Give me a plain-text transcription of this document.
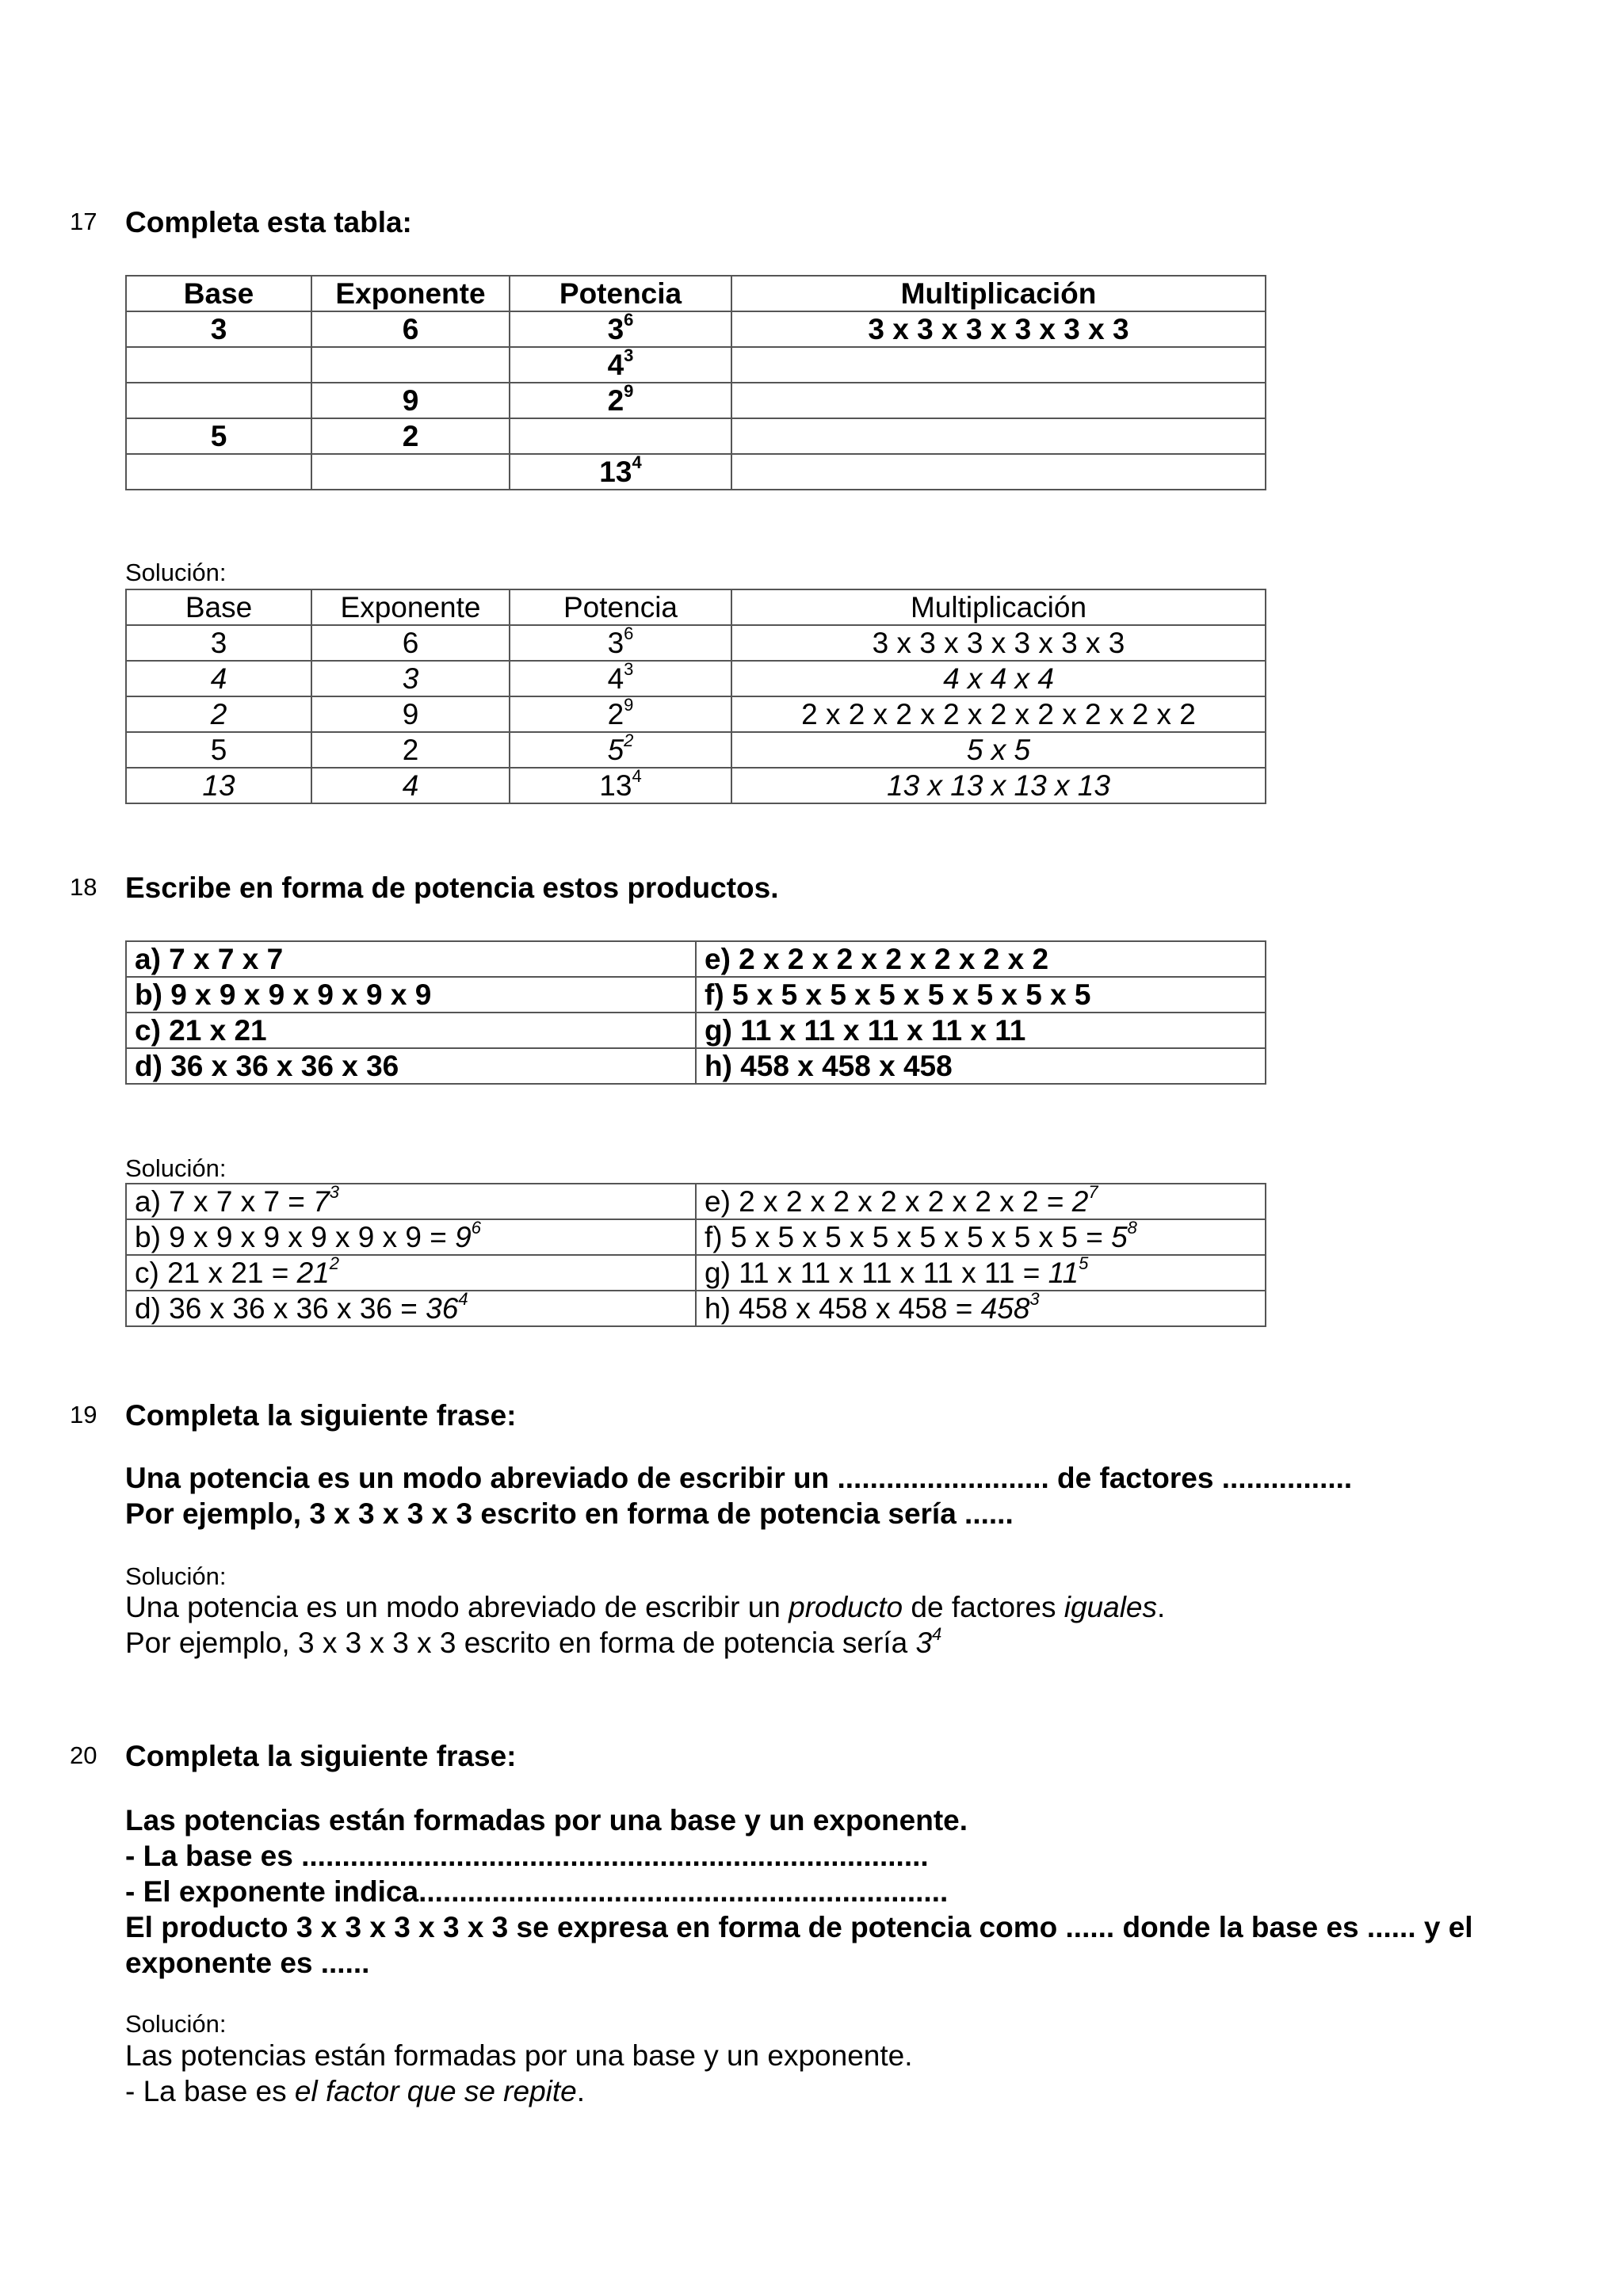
17 Completa esta tabla:
Base	Exponente	Potencia	Multiplicación
3	6	$3^6$	3 x 3 x 3 x 3 x 3 x 3
		$4^3$	
	9	$2^9$	
5	2		
		$13^4$	
Solución:
Base	Exponente	Potencia	Multiplicación
3	6	$3^6$	3 x 3 x 3 x 3 x 3 x 3
4	3	$4^3$	4 x 4 x 4
2	9	$2^9$	2 x 2 x 2 x 2 x 2 x 2 x 2 x 2 x 2
5	2	$5^2$	5 x 5
13	4	$13^4$	13 x 13 x 13 x 13
18 Escribe en forma de potencia estos productos.
a) 7 x 7 x 7	e) 2 x 2 x 2 x 2 x 2 x 2 x 2
b) 9 x 9 x 9 x 9 x 9 x 9	f) 5 x 5 x 5 x 5 x 5 x 5 x 5 x 5
c) 21 x 21	g) 11 x 11 x 11 x 11 x 11
d) 36 x 36 x 36 x 36	h) 458 x 458 x 458
Solución:
a) 7 x 7 x $7 = 7^3$	e) 2 x 2 x 2 x 2 x 2 x 2 x $2 = 2^7$
b) 9 x 9 x 9 x 9 x 9 x $9 = 9^6$	f) 5 x 5 x 5 x 5 x 5 x 5 x 5 x $5 = 5^8$
c) 21 x $21 = 21^2$	g) 11 x 11 x 11 x 11 x $11 = 11^5$
d) 36 x 36 x 36 x $36 = 36^4$	h) 458 x 458 x $458 = 458^3$
19 Completa la siguiente frase:
Una potencia es un modo abreviado de escribir un .......................... de factores ................
Por ejemplo, 3 x 3 x 3 x 3 escrito en forma de potencia sería ......
Solución:
Una potencia es un modo abreviado de escribir un producto de factores iguales.
Por ejemplo, 3 x 3 x 3 x 3 escrito en forma de potencia sería $3^4$
20 Completa la siguiente frase:
Las potencias están formadas por una base y un exponente.
- La base es .............................................................................
- El exponente indica.................................................................
El producto 3 x 3 x 3 x 3 x 3 se expresa en forma de potencia como ...... donde la base es ...... y el
exponente es ......
Solución:
Las potencias están formadas por una base y un exponente.
- La base es el factor que se repite.
